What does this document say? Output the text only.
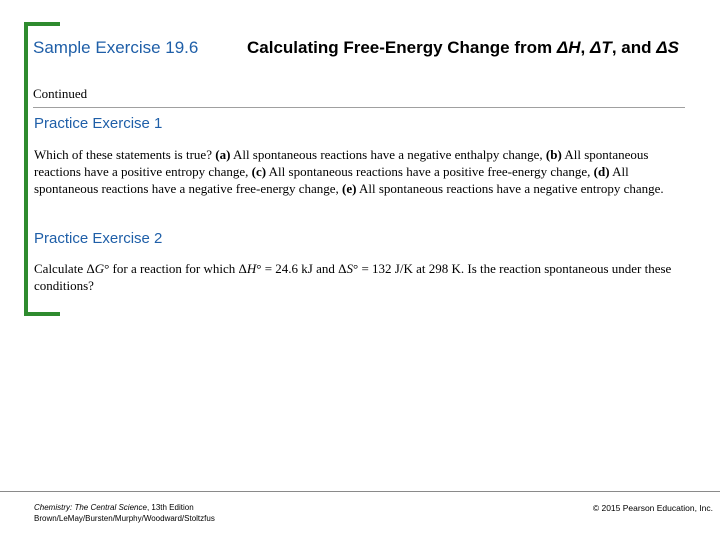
Sample Exercise 19.6	Calculating Free-Energy Change from ΔH, ΔT, and ΔS
Continued
Practice Exercise 1
Which of these statements is true? (a) All spontaneous reactions have a negative enthalpy change, (b) All spontaneous reactions have a positive entropy change, (c) All spontaneous reactions have a positive free-energy change, (d) All spontaneous reactions have a negative free-energy change, (e) All spontaneous reactions have a negative entropy change.
Practice Exercise 2
Calculate ΔG° for a reaction for which ΔH° = 24.6 kJ and ΔS° = 132 J/K at 298 K. Is the reaction spontaneous under these conditions?
Chemistry: The Central Science, 13th Edition
Brown/LeMay/Bursten/Murphy/Woodward/Stoltzfus
© 2015 Pearson Education, Inc.
